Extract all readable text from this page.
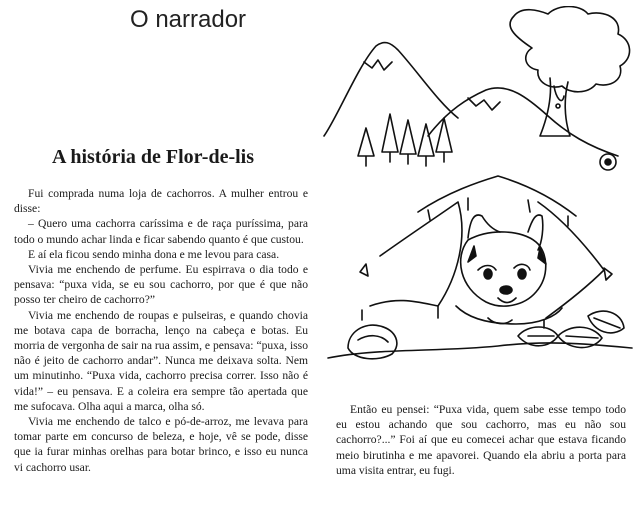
O narrador
A história de Flor-de-lis

Fui comprada numa loja de cachorros. A mulher entrou e disse:

– Quero uma cachorra caríssima e de raça puríssima, para todo o mundo achar linda e ficar sabendo quanto é que custou.

E aí ela ficou sendo minha dona e me levou para casa.

Vivia me enchendo de perfume. Eu espirrava o dia todo e pensava: “puxa vida, se eu sou cachorro, por que é que não posso ter cheiro de cachorro?”

Vivia me enchendo de roupas e pulseiras, e quando chovia me botava capa de borracha, lenço na cabeça e botas. Eu morria de vergonha de sair na rua assim, e pensava: “puxa, isso não é jeito de cachorro andar”. Nunca me deixava solta. Nem um minutinho. “Puxa vida, cachorro precisa correr. Isso não é vida!” – eu pensava. E a coleira era sempre tão apertada que me sufocava. Olha aqui a marca, olha só.

Vivia me enchendo de talco e pó-de-arroz, me levava para tomar parte em concurso de beleza, e hoje, vê se pode, disse que ia furar minhas orelhas para botar brinco, e isso eu nunca vi cachorro usar.

Então eu pensei: “Puxa vida, quem sabe esse tempo todo eu estou achando que sou cachorro, mas eu não sou cachorro?...” Foi aí que eu comecei achar que estava ficando meio birutinha e me apavorei. Quando ela abriu a porta para uma visita entrar, eu fugi.
